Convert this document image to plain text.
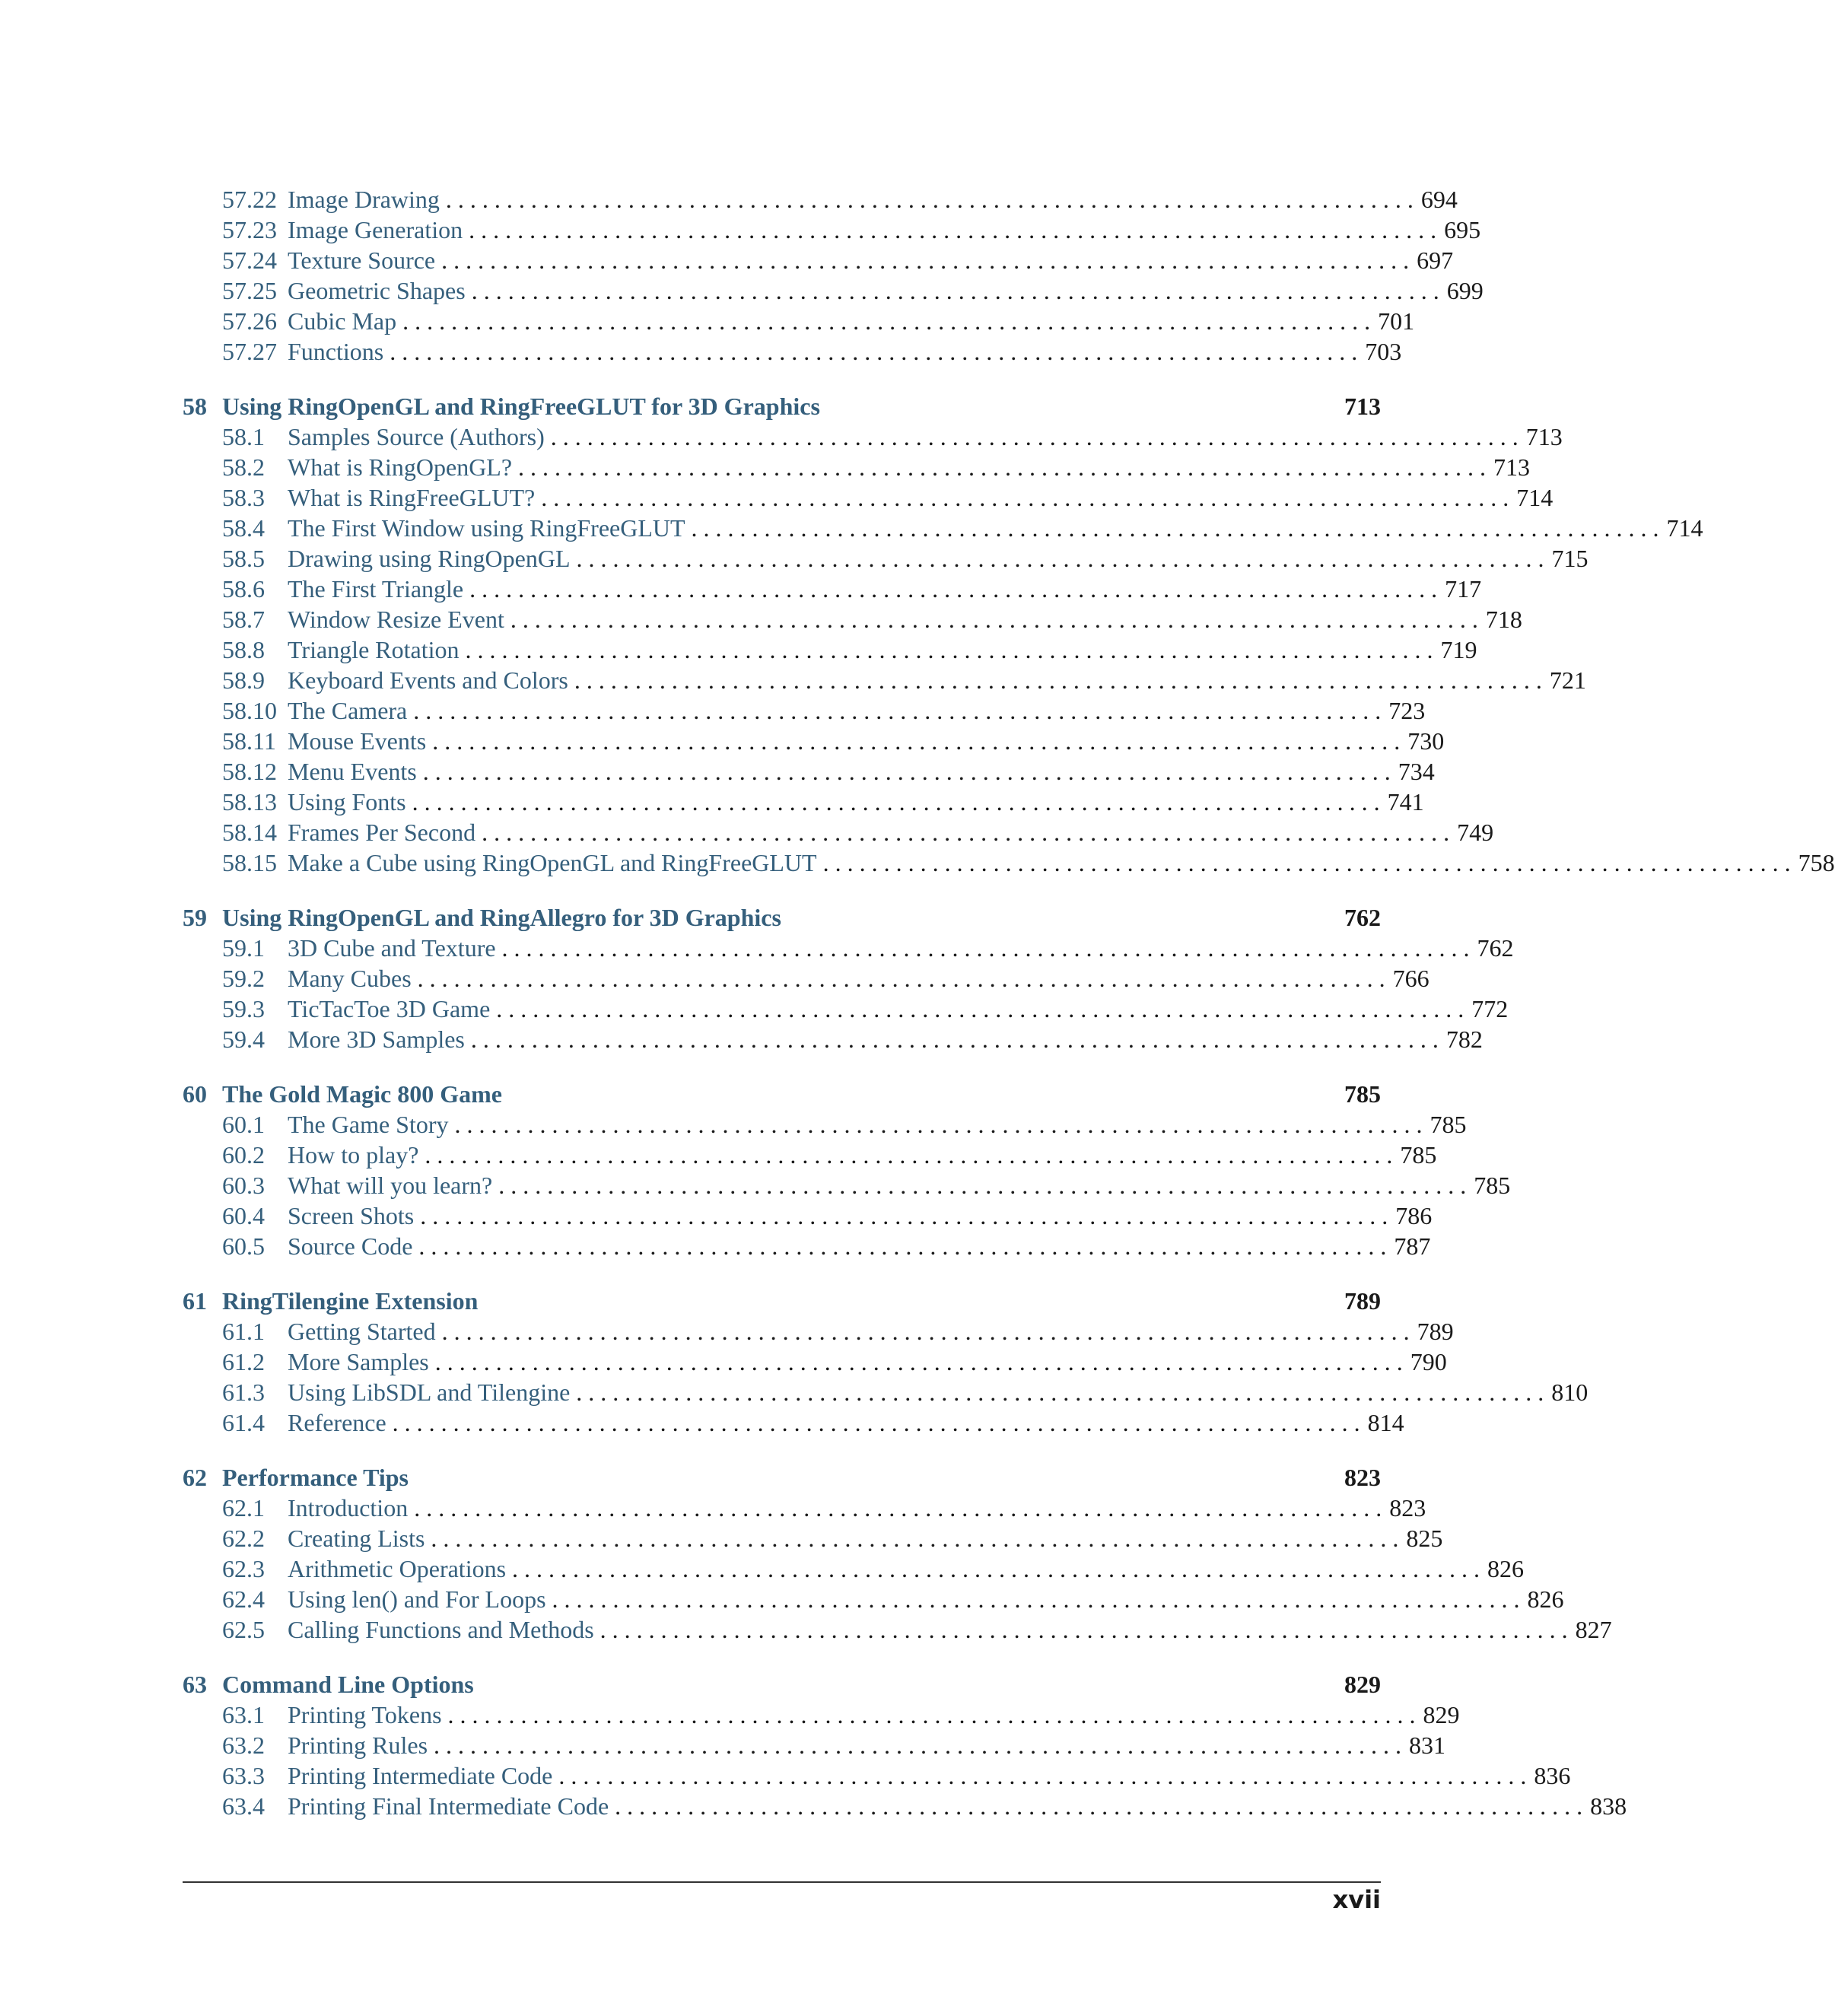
57.22 Image Drawing . . . . . . . . . . . . . . . . . . . . . . . . . . . . . . . . . . . . . . . . . . . . . . . . . . . . . . . . . . . . . . . . . . . . . . . . . . . . . . . . 694
57.23 Image Generation . . . . . . . . . . . . . . . . . . . . . . . . . . . . . . . . . . . . . . . . . . . . . . . . . . . . . . . . . . . . . . . . . . . . . . . . . . . . . . . . 695
57.24 Texture Source . . . . . . . . . . . . . . . . . . . . . . . . . . . . . . . . . . . . . . . . . . . . . . . . . . . . . . . . . . . . . . . . . . . . . . . . . . . . . . . . 697
57.25 Geometric Shapes . . . . . . . . . . . . . . . . . . . . . . . . . . . . . . . . . . . . . . . . . . . . . . . . . . . . . . . . . . . . . . . . . . . . . . . . . . . . . . . . 699
57.26 Cubic Map . . . . . . . . . . . . . . . . . . . . . . . . . . . . . . . . . . . . . . . . . . . . . . . . . . . . . . . . . . . . . . . . . . . . . . . . . . . . . . . . 701
57.27 Functions . . . . . . . . . . . . . . . . . . . . . . . . . . . . . . . . . . . . . . . . . . . . . . . . . . . . . . . . . . . . . . . . . . . . . . . . . . . . . . . . 703
58 Using RingOpenGL and RingFreeGLUT for 3D Graphics	713
58.1 Samples Source (Authors) . . . . . . . . . . . . . . . . . . . . . . . . . . . . . . . . . . . . . . . . . . . . . . . . . . . . . . . . . . . . . . . . . . . . . . . . . . . . . . . . 713
58.2 What is RingOpenGL? . . . . . . . . . . . . . . . . . . . . . . . . . . . . . . . . . . . . . . . . . . . . . . . . . . . . . . . . . . . . . . . . . . . . . . . . . . . . . . . . 713
58.3 What is RingFreeGLUT? . . . . . . . . . . . . . . . . . . . . . . . . . . . . . . . . . . . . . . . . . . . . . . . . . . . . . . . . . . . . . . . . . . . . . . . . . . . . . . . . 714
58.4 The First Window using RingFreeGLUT . . . . . . . . . . . . . . . . . . . . . . . . . . . . . . . . . . . . . . . . . . . . . . . . . . . . . . . . . . . . . . . . . . . . . . . . . . . . . . . . 714
58.5 Drawing using RingOpenGL . . . . . . . . . . . . . . . . . . . . . . . . . . . . . . . . . . . . . . . . . . . . . . . . . . . . . . . . . . . . . . . . . . . . . . . . . . . . . . . . 715
58.6 The First Triangle . . . . . . . . . . . . . . . . . . . . . . . . . . . . . . . . . . . . . . . . . . . . . . . . . . . . . . . . . . . . . . . . . . . . . . . . . . . . . . . . 717
58.7 Window Resize Event . . . . . . . . . . . . . . . . . . . . . . . . . . . . . . . . . . . . . . . . . . . . . . . . . . . . . . . . . . . . . . . . . . . . . . . . . . . . . . . . 718
58.8 Triangle Rotation . . . . . . . . . . . . . . . . . . . . . . . . . . . . . . . . . . . . . . . . . . . . . . . . . . . . . . . . . . . . . . . . . . . . . . . . . . . . . . . . 719
58.9 Keyboard Events and Colors . . . . . . . . . . . . . . . . . . . . . . . . . . . . . . . . . . . . . . . . . . . . . . . . . . . . . . . . . . . . . . . . . . . . . . . . . . . . . . . . 721
58.10 The Camera . . . . . . . . . . . . . . . . . . . . . . . . . . . . . . . . . . . . . . . . . . . . . . . . . . . . . . . . . . . . . . . . . . . . . . . . . . . . . . . . 723
58.11 Mouse Events . . . . . . . . . . . . . . . . . . . . . . . . . . . . . . . . . . . . . . . . . . . . . . . . . . . . . . . . . . . . . . . . . . . . . . . . . . . . . . . . 730
58.12 Menu Events . . . . . . . . . . . . . . . . . . . . . . . . . . . . . . . . . . . . . . . . . . . . . . . . . . . . . . . . . . . . . . . . . . . . . . . . . . . . . . . . 734
58.13 Using Fonts . . . . . . . . . . . . . . . . . . . . . . . . . . . . . . . . . . . . . . . . . . . . . . . . . . . . . . . . . . . . . . . . . . . . . . . . . . . . . . . . 741
58.14 Frames Per Second . . . . . . . . . . . . . . . . . . . . . . . . . . . . . . . . . . . . . . . . . . . . . . . . . . . . . . . . . . . . . . . . . . . . . . . . . . . . . . . . 749
58.15 Make a Cube using RingOpenGL and RingFreeGLUT . . . . . . . . . . . . . . . . . . . . . . . . . . . . . . . . . . . . . . . . . . . . . . . . . . . . . . . . . . . . . . . . . . . . . . . . . . . . . . . . 758
59 Using RingOpenGL and RingAllegro for 3D Graphics	762
59.1 3D Cube and Texture . . . . . . . . . . . . . . . . . . . . . . . . . . . . . . . . . . . . . . . . . . . . . . . . . . . . . . . . . . . . . . . . . . . . . . . . . . . . . . . . 762
59.2 Many Cubes . . . . . . . . . . . . . . . . . . . . . . . . . . . . . . . . . . . . . . . . . . . . . . . . . . . . . . . . . . . . . . . . . . . . . . . . . . . . . . . . 766
59.3 TicTacToe 3D Game . . . . . . . . . . . . . . . . . . . . . . . . . . . . . . . . . . . . . . . . . . . . . . . . . . . . . . . . . . . . . . . . . . . . . . . . . . . . . . . . 772
59.4 More 3D Samples . . . . . . . . . . . . . . . . . . . . . . . . . . . . . . . . . . . . . . . . . . . . . . . . . . . . . . . . . . . . . . . . . . . . . . . . . . . . . . . . 782
60 The Gold Magic 800 Game	785
60.1 The Game Story . . . . . . . . . . . . . . . . . . . . . . . . . . . . . . . . . . . . . . . . . . . . . . . . . . . . . . . . . . . . . . . . . . . . . . . . . . . . . . . . 785
60.2 How to play? . . . . . . . . . . . . . . . . . . . . . . . . . . . . . . . . . . . . . . . . . . . . . . . . . . . . . . . . . . . . . . . . . . . . . . . . . . . . . . . . 785
60.3 What will you learn? . . . . . . . . . . . . . . . . . . . . . . . . . . . . . . . . . . . . . . . . . . . . . . . . . . . . . . . . . . . . . . . . . . . . . . . . . . . . . . . . 785
60.4 Screen Shots . . . . . . . . . . . . . . . . . . . . . . . . . . . . . . . . . . . . . . . . . . . . . . . . . . . . . . . . . . . . . . . . . . . . . . . . . . . . . . . . 786
60.5 Source Code . . . . . . . . . . . . . . . . . . . . . . . . . . . . . . . . . . . . . . . . . . . . . . . . . . . . . . . . . . . . . . . . . . . . . . . . . . . . . . . . 787
61 RingTilengine Extension	789
61.1 Getting Started . . . . . . . . . . . . . . . . . . . . . . . . . . . . . . . . . . . . . . . . . . . . . . . . . . . . . . . . . . . . . . . . . . . . . . . . . . . . . . . . 789
61.2 More Samples . . . . . . . . . . . . . . . . . . . . . . . . . . . . . . . . . . . . . . . . . . . . . . . . . . . . . . . . . . . . . . . . . . . . . . . . . . . . . . . . 790
61.3 Using LibSDL and Tilengine . . . . . . . . . . . . . . . . . . . . . . . . . . . . . . . . . . . . . . . . . . . . . . . . . . . . . . . . . . . . . . . . . . . . . . . . . . . . . . . . 810
61.4 Reference . . . . . . . . . . . . . . . . . . . . . . . . . . . . . . . . . . . . . . . . . . . . . . . . . . . . . . . . . . . . . . . . . . . . . . . . . . . . . . . . 814
62 Performance Tips	823
62.1 Introduction . . . . . . . . . . . . . . . . . . . . . . . . . . . . . . . . . . . . . . . . . . . . . . . . . . . . . . . . . . . . . . . . . . . . . . . . . . . . . . . . 823
62.2 Creating Lists . . . . . . . . . . . . . . . . . . . . . . . . . . . . . . . . . . . . . . . . . . . . . . . . . . . . . . . . . . . . . . . . . . . . . . . . . . . . . . . . 825
62.3 Arithmetic Operations . . . . . . . . . . . . . . . . . . . . . . . . . . . . . . . . . . . . . . . . . . . . . . . . . . . . . . . . . . . . . . . . . . . . . . . . . . . . . . . . 826
62.4 Using len() and For Loops . . . . . . . . . . . . . . . . . . . . . . . . . . . . . . . . . . . . . . . . . . . . . . . . . . . . . . . . . . . . . . . . . . . . . . . . . . . . . . . . 826
62.5 Calling Functions and Methods . . . . . . . . . . . . . . . . . . . . . . . . . . . . . . . . . . . . . . . . . . . . . . . . . . . . . . . . . . . . . . . . . . . . . . . . . . . . . . . . 827
63 Command Line Options	829
63.1 Printing Tokens . . . . . . . . . . . . . . . . . . . . . . . . . . . . . . . . . . . . . . . . . . . . . . . . . . . . . . . . . . . . . . . . . . . . . . . . . . . . . . . . 829
63.2 Printing Rules . . . . . . . . . . . . . . . . . . . . . . . . . . . . . . . . . . . . . . . . . . . . . . . . . . . . . . . . . . . . . . . . . . . . . . . . . . . . . . . . 831
63.3 Printing Intermediate Code . . . . . . . . . . . . . . . . . . . . . . . . . . . . . . . . . . . . . . . . . . . . . . . . . . . . . . . . . . . . . . . . . . . . . . . . . . . . . . . . 836
63.4 Printing Final Intermediate Code . . . . . . . . . . . . . . . . . . . . . . . . . . . . . . . . . . . . . . . . . . . . . . . . . . . . . . . . . . . . . . . . . . . . . . . . . . . . . . . . 838
xvii
